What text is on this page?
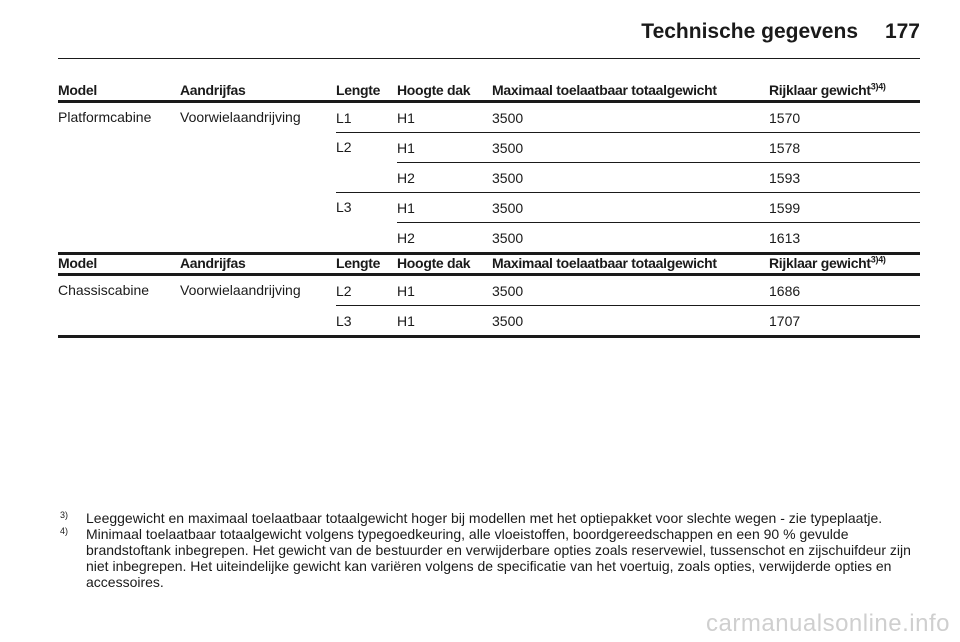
Technische gegevens 177
Model	Aandrijfas	Lengte	Hoogte dak	Maximaal toelaatbaar totaalgewicht	Rijklaar gewicht$^{3)4)}$
Platformcabine	Voorwielaandrijving	L1	H1	3500	1570
		L2	H1	3500	1578
			H2	3500	1593
		L3	H1	3500	1599
			H2	3500	1613
Model	Aandrijfas	Lengte	Hoogte dak	Maximaal toelaatbaar totaalgewicht	Rijklaar gewicht$^{3)4)}$
Chassiscabine	Voorwielaandrijving	L2	H1	3500	1686
		L3	H1	3500	1707
3) Leeggewicht en maximaal toelaatbaar totaalgewicht hoger bij modellen met het optiepakket voor slechte wegen - zie typeplaatje.
4) Minimaal toelaatbaar totaalgewicht volgens typegoedkeuring, alle vloeistoffen, boordgereedschappen en een 90 % gevulde brandstoftank inbegrepen. Het gewicht van de bestuurder en verwijderbare opties zoals reservewiel, tussenschot en zijschuifdeur zijn niet inbegrepen. Het uiteindelijke gewicht kan variëren volgens de specificatie van het voertuig, zoals opties, verwijderde opties en accessoires.
carmanualsonline.info
